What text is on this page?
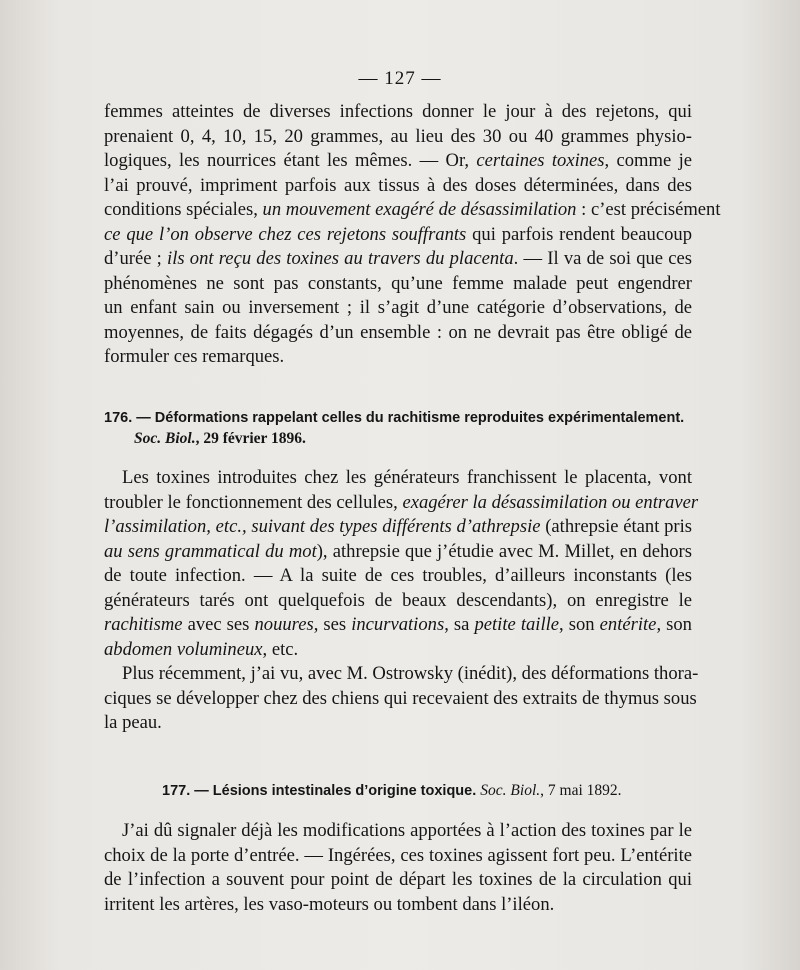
— 127 —
femmes atteintes de diverses infections donner le jour à des rejetons, qui
prenaient 0, 4, 10, 15, 20 grammes, au lieu des 30 ou 40 grammes physio-
logiques, les nourrices étant les mêmes. — Or, certaines toxines, comme je
l’ai prouvé, impriment parfois aux tissus à des doses déterminées, dans des
conditions spéciales, un mouvement exagéré de désassimilation : c’est précisément
ce que l’on observe chez ces rejetons souffrants qui parfois rendent beaucoup
d’urée ; ils ont reçu des toxines au travers du placenta. — Il va de soi que ces
phénomènes ne sont pas constants, qu’une femme malade peut engendrer
un enfant sain ou inversement ; il s’agit d’une catégorie d’observations, de
moyennes, de faits dégagés d’un ensemble : on ne devrait pas être obligé de
formuler ces remarques.
176. — Déformations rappelant celles du rachitisme reproduites expérimentalement.
Soc. Biol., 29 février 1896.
Les toxines introduites chez les générateurs franchissent le placenta, vont
troubler le fonctionnement des cellules, exagérer la désassimilation ou entraver
l’assimilation, etc., suivant des types différents d’athrepsie (athrepsie étant pris
au sens grammatical du mot), athrepsie que j’étudie avec M. Millet, en dehors
de toute infection. — A la suite de ces troubles, d’ailleurs inconstants (les
générateurs tarés ont quelquefois de beaux descendants), on enregistre le
rachitisme avec ses nouures, ses incurvations, sa petite taille, son entérite, son
abdomen volumineux, etc.
Plus récemment, j’ai vu, avec M. Ostrowsky (inédit), des déformations thora-
ciques se développer chez des chiens qui recevaient des extraits de thymus sous
la peau.
177. — Lésions intestinales d’origine toxique. Soc. Biol., 7 mai 1892.
J’ai dû signaler déjà les modifications apportées à l’action des toxines par le
choix de la porte d’entrée. — Ingérées, ces toxines agissent fort peu. L’entérite
de l’infection a souvent pour point de départ les toxines de la circulation qui
irritent les artères, les vaso-moteurs ou tombent dans l’iléon.
